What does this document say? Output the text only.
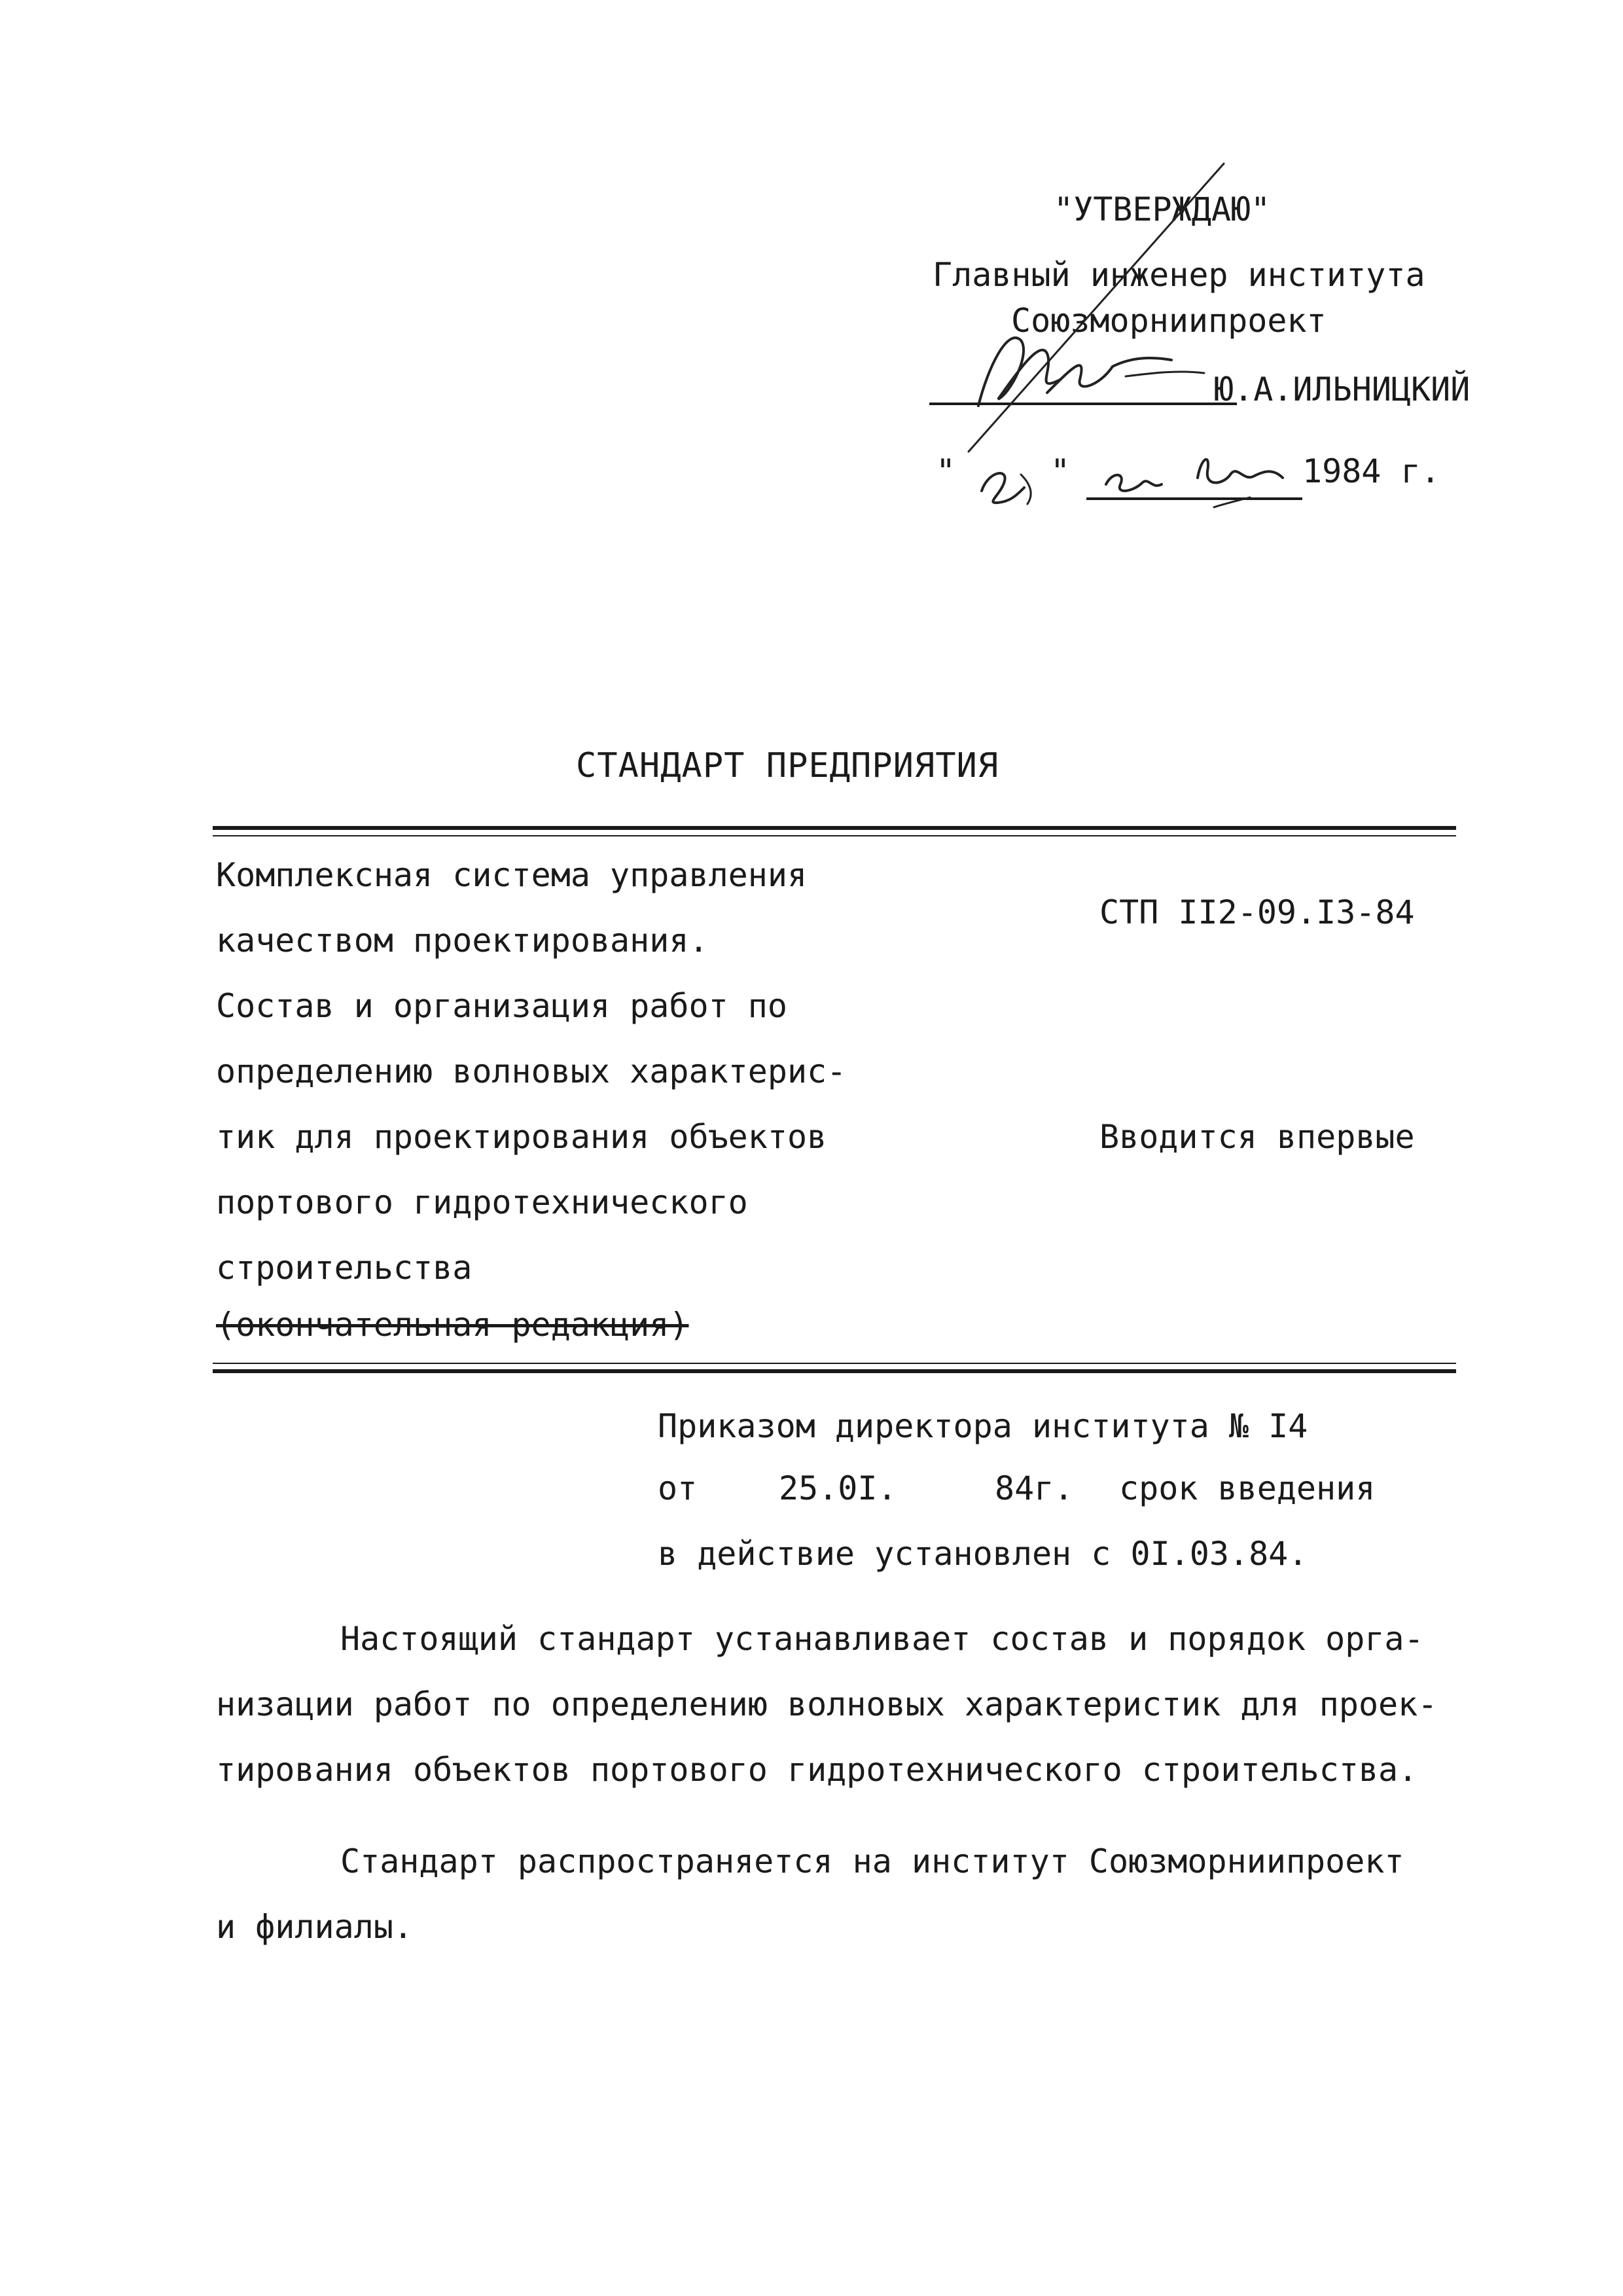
"УТВЕРЖДАЮ"
Главный инженер института
Союзморниипроект
Ю.А.ИЛЬНИЦКИЙ
"	"	1984 г.
СТАНДАРТ ПРЕДПРИЯТИЯ
Комплексная система управления
качеством проектирования.
Состав и организация работ по
определению волновых характерис-
тик для проектирования объектов
портового гидротехнического
строительства
(окончательная редакция)
СТП II2-09.I3-84
Вводится впервые
Приказом директора института № I4
от 25.0I.	84г. срок введения
в действие установлен с 0I.03.84.
Настоящий стандарт устанавливает состав и порядок орга-
низации работ по определению волновых характеристик для проек-
тирования объектов портового гидротехнического строительства.
Стандарт распространяется на институт Союзморниипроект
и филиалы.
